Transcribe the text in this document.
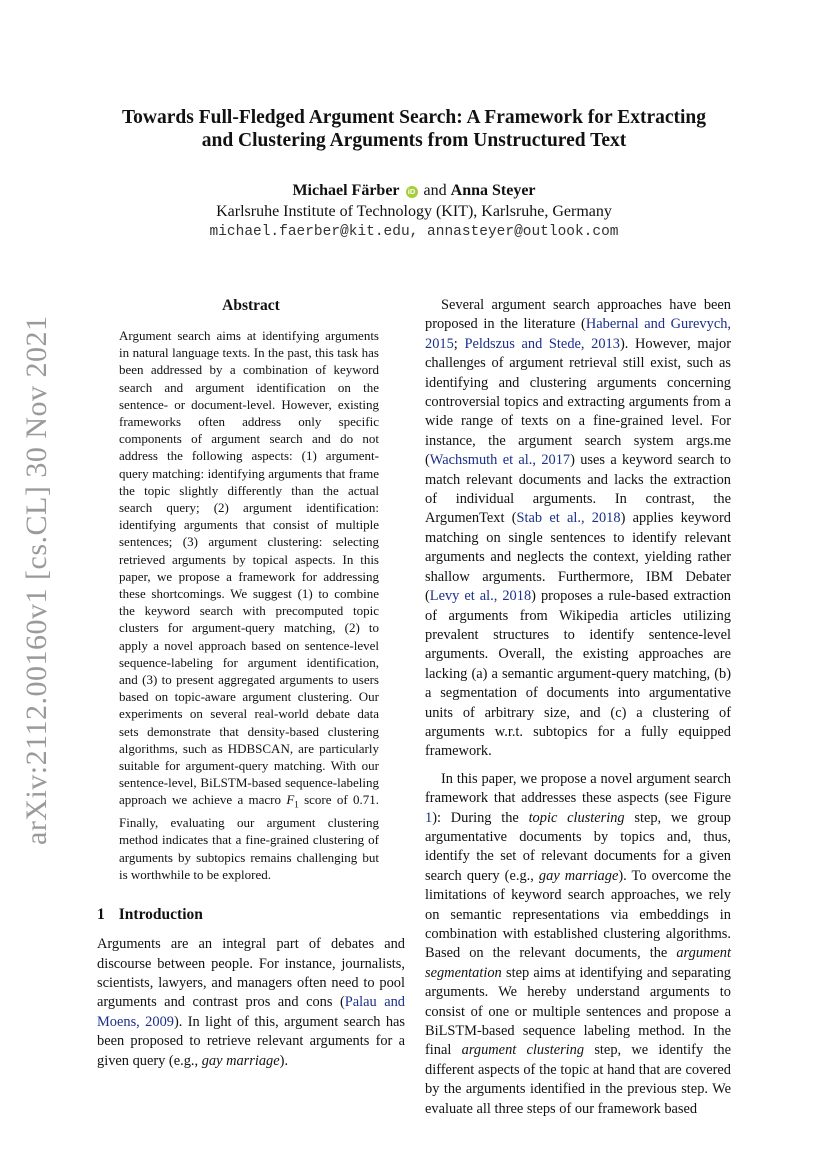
Towards Full-Fledged Argument Search: A Framework for Extracting
and Clustering Arguments from Unstructured Text
Michael Färber iD and Anna Steyer
Karlsruhe Institute of Technology (KIT), Karlsruhe, Germany
michael.faerber@kit.edu, annasteyer@outlook.com
arXiv:2112.00160v1 [cs.CL] 30 Nov 2021
Abstract

Argument search aims at identifying arguments in natural language texts. In the past, this task has been addressed by a combination of keyword search and argument identification on the sentence- or document-level. However, existing frameworks often address only specific components of argument search and do not address the following aspects: (1) argument-query matching: identifying arguments that frame the topic slightly differently than the actual search query; (2) argument identification: identifying arguments that consist of multiple sentences; (3) argument clustering: selecting retrieved arguments by topical aspects. In this paper, we propose a framework for addressing these shortcomings. We suggest (1) to combine the keyword search with precomputed topic clusters for argument-query matching, (2) to apply a novel approach based on sentence-level sequence-labeling for argument identification, and (3) to present aggregated arguments to users based on topic-aware argument clustering. Our experiments on several real-world debate data sets demonstrate that density-based clustering algorithms, such as HDBSCAN, are particularly suitable for argument-query matching. With our sentence-level, BiLSTM-based sequence-labeling approach we achieve a macro $F_1$ score of 0.71. Finally, evaluating our argument clustering method indicates that a fine-grained clustering of arguments by subtopics remains challenging but is worthwhile to be explored.

1 Introduction

Arguments are an integral part of debates and discourse between people. For instance, journalists, scientists, lawyers, and managers often need to pool arguments and contrast pros and cons (Palau and Moens, 2009). In light of this, argument search has been proposed to retrieve relevant arguments for a given query (e.g., gay marriage).

Several argument search approaches have been proposed in the literature (Habernal and Gurevych, 2015; Peldszus and Stede, 2013). However, major challenges of argument retrieval still exist, such as identifying and clustering arguments concerning controversial topics and extracting arguments from a wide range of texts on a fine-grained level. For instance, the argument search system args.me (Wachsmuth et al., 2017) uses a keyword search to match relevant documents and lacks the extraction of individual arguments. In contrast, the ArgumenText (Stab et al., 2018) applies keyword matching on single sentences to identify relevant arguments and neglects the context, yielding rather shallow arguments. Furthermore, IBM Debater (Levy et al., 2018) proposes a rule-based extraction of arguments from Wikipedia articles utilizing prevalent structures to identify sentence-level arguments. Overall, the existing approaches are lacking (a) a semantic argument-query matching, (b) a segmentation of documents into argumentative units of arbitrary size, and (c) a clustering of arguments w.r.t. subtopics for a fully equipped framework.

In this paper, we propose a novel argument search framework that addresses these aspects (see Figure 1): During the topic clustering step, we group argumentative documents by topics and, thus, identify the set of relevant documents for a given search query (e.g., gay marriage). To overcome the limitations of keyword search approaches, we rely on semantic representations via embeddings in combination with established clustering algorithms. Based on the relevant documents, the argument segmentation step aims at identifying and separating arguments. We hereby understand arguments to consist of one or multiple sentences and propose a BiLSTM-based sequence labeling method. In the final argument clustering step, we identify the different aspects of the topic at hand that are covered by the arguments identified in the previous step. We evaluate all three steps of our framework based
